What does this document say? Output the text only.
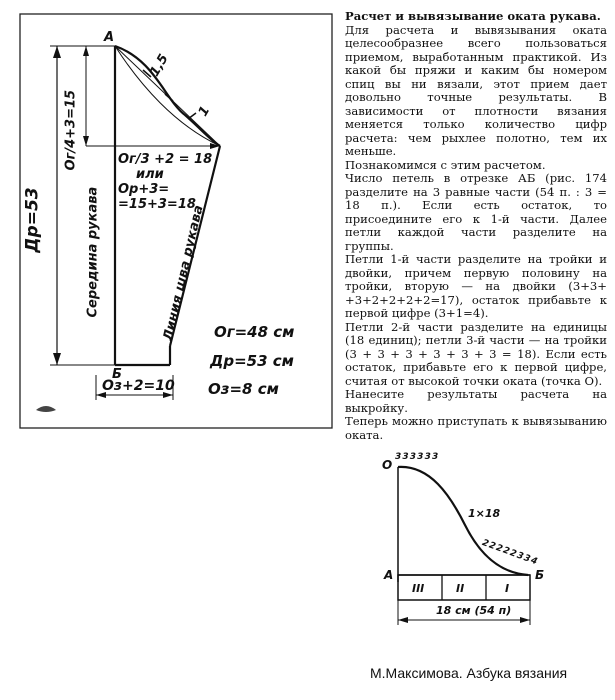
А
Б
1,5
1
Ог/4+3=15
Др=53	Середина рукава	Линия шва рукава
Ог/3 +2 = 18
или
Ор+3=
=15+3=18
Ог=48 см
Др=53 см
Оз=8 см
Оз+2=10

Расчет и вывязывание оката рукава.

Для расчета и вывязывания оката целесообразнее всего пользоваться приемом, выработанным практикой. Из какой бы пряжи и каким бы номером спиц вы ни вязали, этот прием дает довольно точные результаты. В зависимости от плотности вязания меняется только количество цифр расчета: чем рыхлее полотно, тем их меньше.

Познакомимся с этим расчетом.

Число петель в отрезке АБ (рис. 174 разделите на 3 равные части (54 п. : 3 = 18 п.). Если есть остаток, то присоедините его к 1-й части. Далее петли каждой части разделите на группы.

Петли 1-й части разделите на тройки и двойки, причем первую половину на тройки, вторую — на двойки (3+3+ +3+2+2+2+2=17), остаток прибавьте к первой цифре (3+1=4).

Петли 2-й части разделите на единицы (18 единиц); петли 3-й части — на тройки (3 + 3 + 3 + 3 + 3 + 3 = 18). Если есть остаток, прибавьте его к первой цифре, считая от высокой точки оката (точка О).

Нанесите результаты расчета на выкройку.

Теперь можно приступать к вывязыванию оката.

О
3 3 3 3 3 3
1×18
2 2 2 2 2 3 3 4
А	Б
III	II	I
18 см (54 п)
М.Максимова. Азбука вязания
